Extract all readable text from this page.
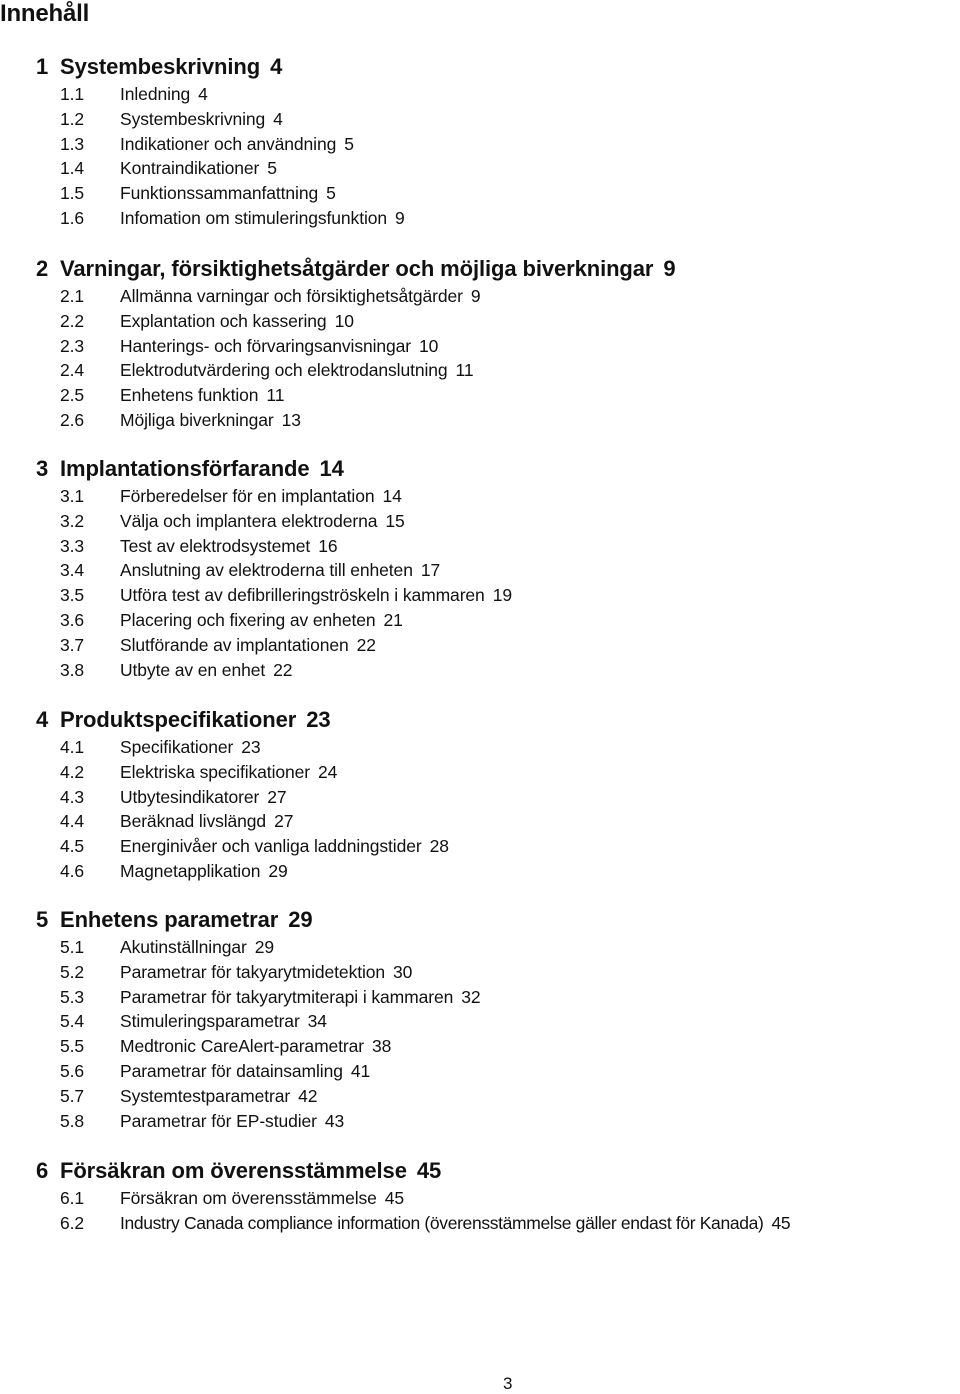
Innehåll
1 Systembeskrivning 4
1.1	Inledning 4
1.2	Systembeskrivning 4
1.3	Indikationer och användning 5
1.4	Kontraindikationer 5
1.5	Funktionssammanfattning 5
1.6	Infomation om stimuleringsfunktion 9
2 Varningar, försiktighetsåtgärder och möjliga biverkningar 9
2.1	Allmänna varningar och försiktighetsåtgärder 9
2.2	Explantation och kassering 10
2.3	Hanterings- och förvaringsanvisningar 10
2.4	Elektrodutvärdering och elektrodanslutning 11
2.5	Enhetens funktion 11
2.6	Möjliga biverkningar 13
3 Implantationsförfarande 14
3.1	Förberedelser för en implantation 14
3.2	Välja och implantera elektroderna 15
3.3	Test av elektrodsystemet 16
3.4	Anslutning av elektroderna till enheten 17
3.5	Utföra test av defibrilleringströskeln i kammaren 19
3.6	Placering och fixering av enheten 21
3.7	Slutförande av implantationen 22
3.8	Utbyte av en enhet 22
4 Produktspecifikationer 23
4.1	Specifikationer 23
4.2	Elektriska specifikationer 24
4.3	Utbytesindikatorer 27
4.4	Beräknad livslängd 27
4.5	Energinivåer och vanliga laddningstider 28
4.6	Magnetapplikation 29
5 Enhetens parametrar 29
5.1	Akutinställningar 29
5.2	Parametrar för takyarytmidetektion 30
5.3	Parametrar för takyarytmiterapi i kammaren 32
5.4	Stimuleringsparametrar 34
5.5	Medtronic CareAlert-parametrar 38
5.6	Parametrar för datainsamling 41
5.7	Systemtestparametrar 42
5.8	Parametrar för EP-studier 43
6 Försäkran om överensstämmelse 45
6.1	Försäkran om överensstämmelse 45
6.2	Industry Canada compliance information (överensstämmelse gäller endast för Kanada) 45
3
